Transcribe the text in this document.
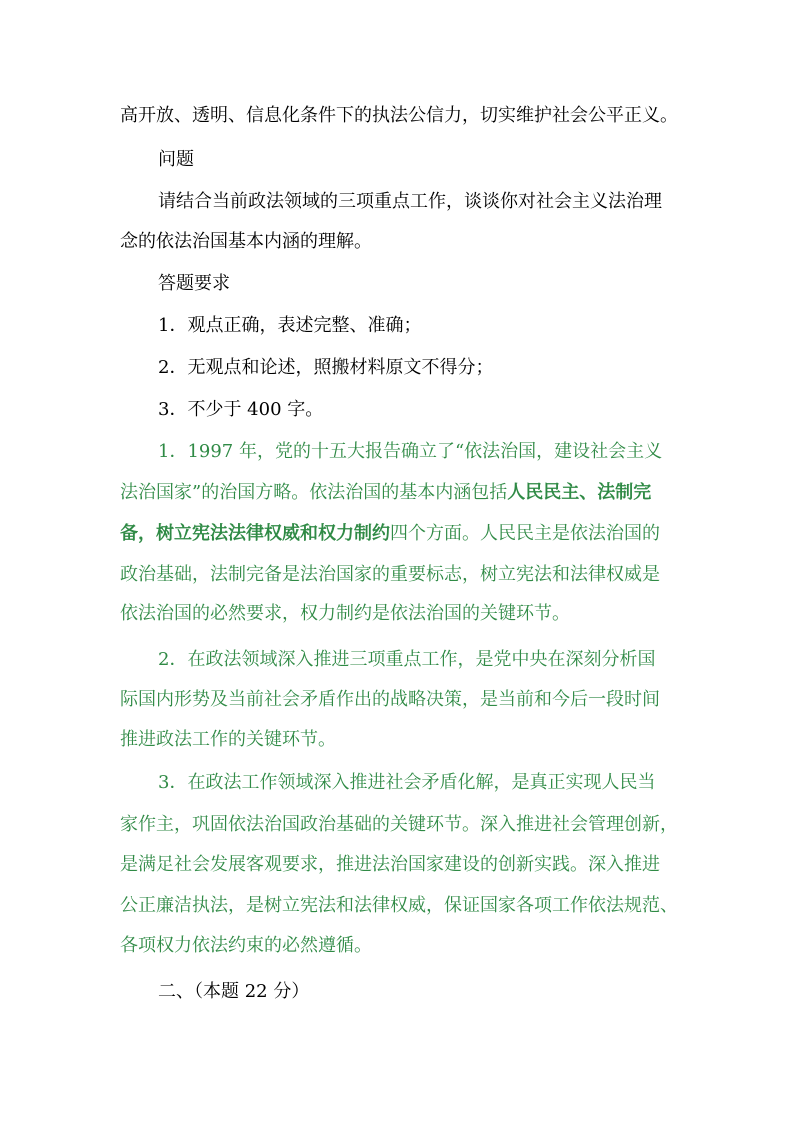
高开放、透明、信息化条件下的执法公信力，切实维护社会公平正义。
问题
请结合当前政法领域的三项重点工作，谈谈你对社会主义法治理
念的依法治国基本内涵的理解。
答题要求
1．观点正确，表述完整、准确；
2．无观点和论述，照搬材料原文不得分；
3．不少于 400 字。
1．1997 年，党的十五大报告确立了“依法治国，建设社会主义
法治国家”的治国方略。依法治国的基本内涵包括人民民主、法制完
备，树立宪法法律权威和权力制约四个方面。人民民主是依法治国的
政治基础，法制完备是法治国家的重要标志，树立宪法和法律权威是
依法治国的必然要求，权力制约是依法治国的关键环节。
2．在政法领域深入推进三项重点工作，是党中央在深刻分析国
际国内形势及当前社会矛盾作出的战略决策，是当前和今后一段时间
推进政法工作的关键环节。
3．在政法工作领域深入推进社会矛盾化解，是真正实现人民当
家作主，巩固依法治国政治基础的关键环节。深入推进社会管理创新，
是满足社会发展客观要求，推进法治国家建设的创新实践。深入推进
公正廉洁执法，是树立宪法和法律权威，保证国家各项工作依法规范、
各项权力依法约束的必然遵循。
二、（本题 22 分）
